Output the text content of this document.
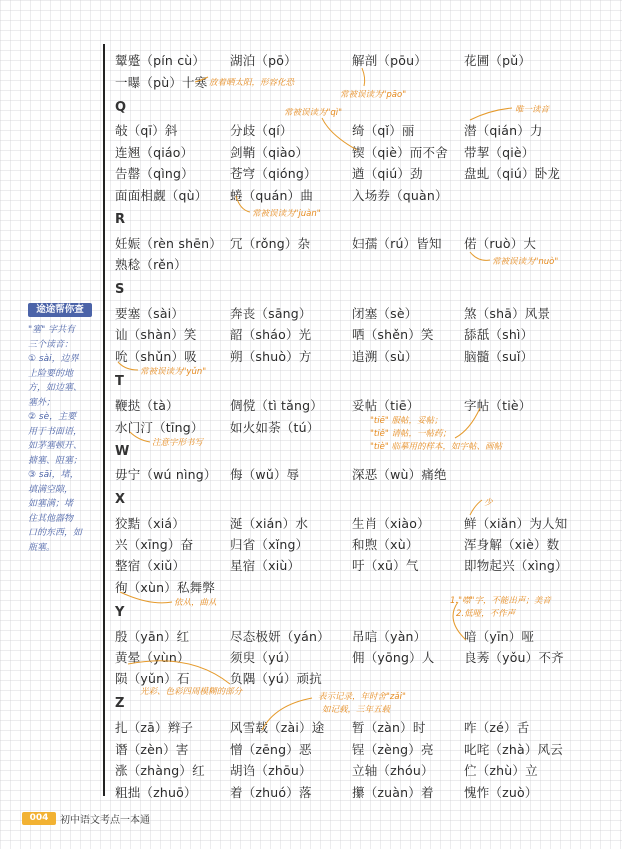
颦蹙（pín cù） 湖泊（pō）	解剖（pōu）	花圃（pǔ）
一曝（pù）十寒
Q
敧（qī）斜	分歧（qí）	绮（qǐ）丽	潜（qián）力
连翘（qiáo）	剑鞘（qiào）	锲（qiè）而不舍 带挈（qiè）
告罄（qìng）	苍穹（qióng）	遒（qiú）劲	盘虬（qiú）卧龙
面面相觑（qù） 蜷（quán）曲	入场券（quàn）
R
妊娠（rèn shēn） 冗（rǒng）杂	妇孺（rú）皆知 偌（ruò）大
熟稔（rěn）
S
要塞（sài）	奔丧（sāng）	闭塞（sè）	煞（shā）风景
讪（shàn）笑	韶（sháo）光	哂（shěn）笑 舔舐（shì）
吮（shǔn）吸	朔（shuò）方	追溯（sù）	脑髓（suǐ）
T
鞭挞（tà）	倜傥（tì tǎng） 妥帖（tiē）	字帖（tiè）
水门汀（tīng） 如火如荼（tú）
W
毋宁（wú nìng） 侮（wǔ）辱	深恶（wù）痛绝
X
狡黠（xiá）	涎（xián）水	生肖（xiào）	鲜（xiǎn）为人知
兴（xīng）奋	归省（xǐng）	和煦（xù）	浑身解（xiè）数
整宿（xiǔ）	星宿（xiù）	吁（xū）气	即物起兴（xìng）
徇（xùn）私舞弊
Y
殷（yān）红	尽态极妍（yán） 吊唁（yàn）	喑（yīn）哑
黄晕（yùn）	须臾（yú）	佣（yōng）人 良莠（yǒu）不齐
陨（yǔn）石	负隅（yú）顽抗
Z
扎（zā）辫子	风雪载（zài）途 暂（zàn）时	咋（zé）舌
谮（zèn）害	憎（zēng）恶	锃（zèng）亮 叱咤（zhà）风云
涨（zhàng）红 胡诌（zhōu）	立轴（zhóu） 伫（zhù）立
粗拙（zhuō）	着（zhuó）落	攥（zuàn）着 愧怍（zuò）
放着晒太阳，形容化恐
常被误读为"pāo"
常被误读为"qì"	唯一读音
常被误读为"juàn"
常被误读为"nuò"
常被误读为"yǔn"
"tiē" 服帖，妥帖；
"tiě" 请帖，一帖药；
"tiè" 临摹用的样本，如字帖、画帖
注意字形书写
少
依从，曲从	1."噤"字，不能出声；美音
2.低哑，不作声
光彩、色彩四周模糊的部分	表示记录，年时舍"zǎi"
如记载，三年五载
途途帮你查
"塞" 字共有
三个读音：
① sài，边界
上险要的地
方，如边塞、
塞外；
② sè，主要
用于书面语，
如茅塞顿开、
搪塞、阻塞；
③ sāi，堵，
填满空隙，
如塞满；堵
住其他器物
口的东西，如
瓶塞。
004	初中语文考点一本通
